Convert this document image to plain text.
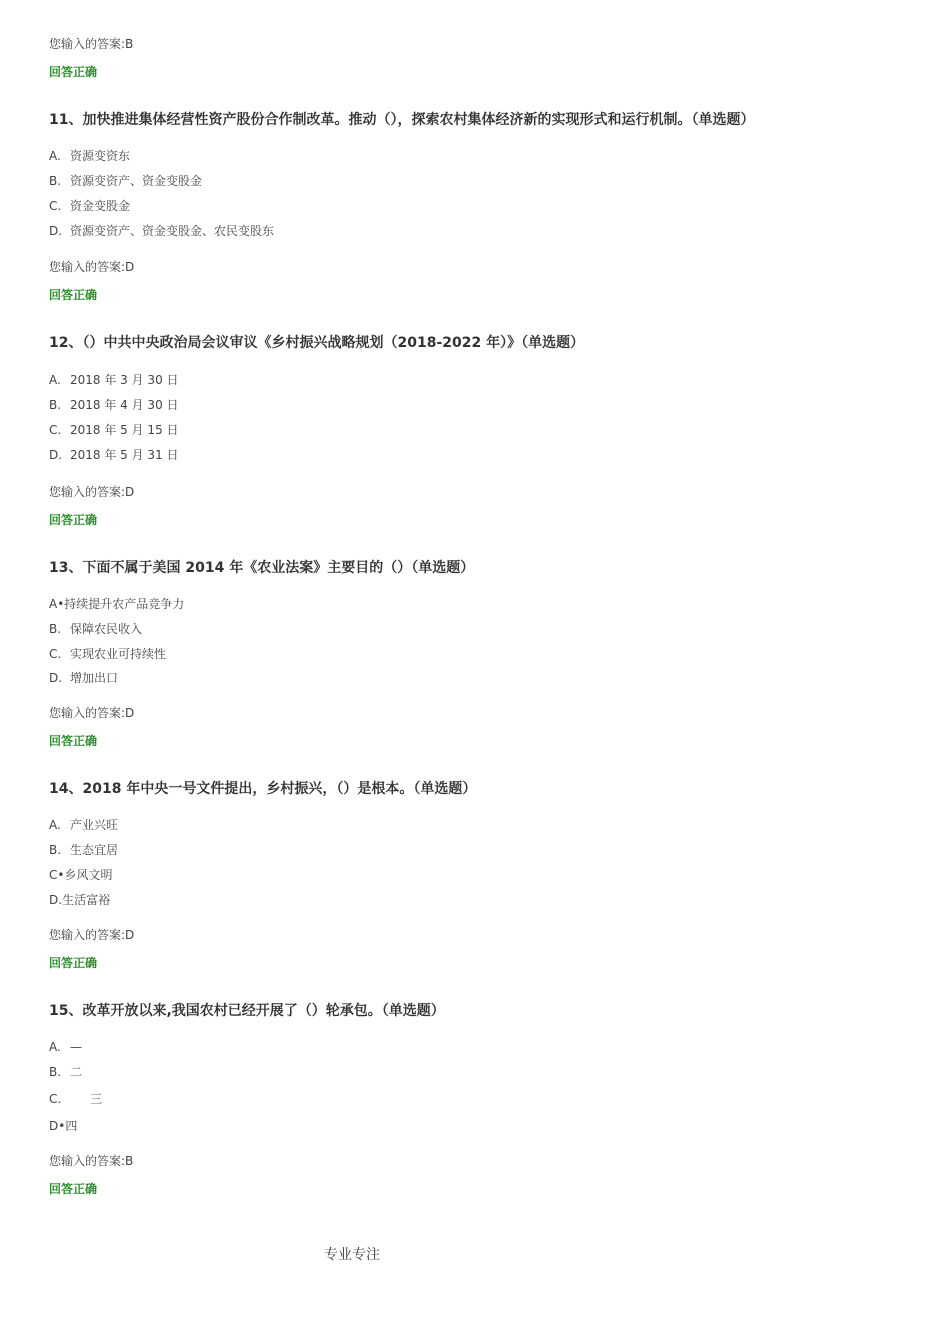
您输入的答案:B
回答正确
11、加快推进集体经营性资产股份合作制改革。推动（），探索农村集体经济新的实现形式和运行机制。（单选题）
A. 资源变资东
B. 资源变资产、资金变股金
C. 资金变股金
D. 资源变资产、资金变股金、农民变股东
您输入的答案:D
回答正确
12、（）中共中央政治局会议审议《乡村振兴战略规划（2018-2022 年）》（单选题）
A. 2018 年 3 月 30 日
B. 2018 年 4 月 30 日
C. 2018 年 5 月 15 日
D. 2018 年 5 月 31 日
您输入的答案:D
回答正确
13、下面不属于美国 2014 年《农业法案》主要目的（）（单选题）
A•持续提升农产品竞争力
B. 保障农民收入
C. 实现农业可持续性
D. 增加出口
您输入的答案:D
回答正确
14、2018 年中央一号文件提出，乡村振兴，（）是根本。（单选题）
A. 产业兴旺
B. 生态宜居
C•乡风文明
D.生活富裕
您输入的答案:D
回答正确
15、改革开放以来,我国农村已经开展了（）轮承包。（单选题）
A. —
B. 二
C. 三
D•四
您输入的答案:B
回答正确
专业专注
